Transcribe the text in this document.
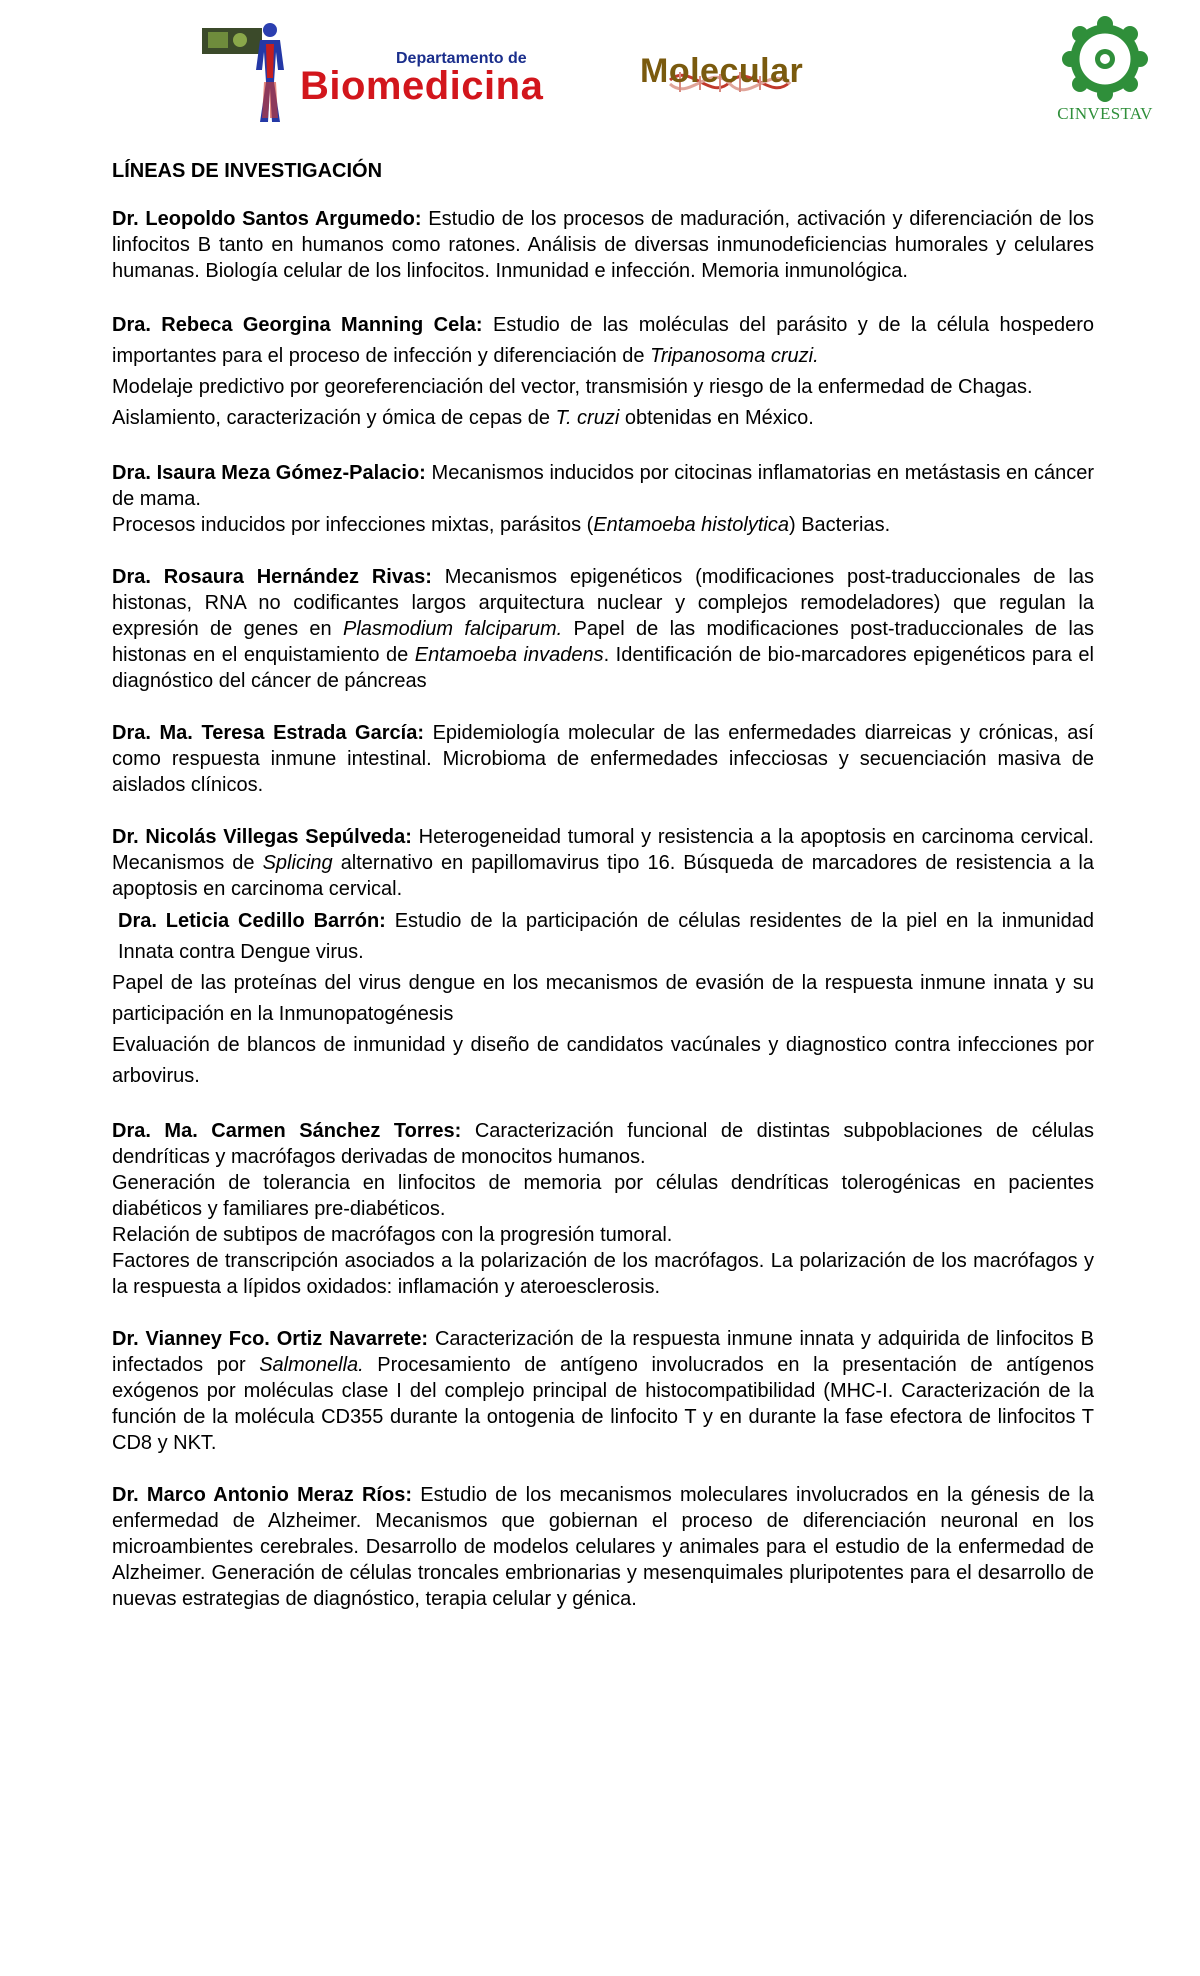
Departamento de
Biomedicina	Molecular
CINVESTAV
LÍNEAS DE INVESTIGACIÓN

Dr. Leopoldo Santos Argumedo: Estudio de los procesos de maduración, activación y diferenciación de los linfocitos B tanto en humanos como ratones. Análisis de diversas inmunodeficiencias humorales y celulares humanas. Biología celular de los linfocitos. Inmunidad e infección. Memoria inmunológica.

Dra. Rebeca Georgina Manning Cela: Estudio de las moléculas del parásito y de la célula hospedero importantes para el proceso de infección y diferenciación de Tripanosoma cruzi.

Modelaje predictivo por georeferenciación del vector, transmisión y riesgo de la enfermedad de Chagas.

Aislamiento, caracterización y ómica de cepas de T. cruzi obtenidas en México.

Dra. Isaura Meza Gómez-Palacio: Mecanismos inducidos por citocinas inflamatorias en metástasis en cáncer de mama.

Procesos inducidos por infecciones mixtas, parásitos (Entamoeba histolytica) Bacterias.

Dra. Rosaura Hernández Rivas: Mecanismos epigenéticos (modificaciones post-traduccionales de las histonas, RNA no codificantes largos arquitectura nuclear y complejos remodeladores) que regulan la expresión de genes en Plasmodium falciparum. Papel de las modificaciones post-traduccionales de las histonas en el enquistamiento de Entamoeba invadens. Identificación de bio-marcadores epigenéticos para el diagnóstico del cáncer de páncreas

Dra. Ma. Teresa Estrada García: Epidemiología molecular de las enfermedades diarreicas y crónicas, así como respuesta inmune intestinal. Microbioma de enfermedades infecciosas y secuenciación masiva de aislados clínicos.

Dr. Nicolás Villegas Sepúlveda: Heterogeneidad tumoral y resistencia a la apoptosis en carcinoma cervical. Mecanismos de Splicing alternativo en papillomavirus tipo 16. Búsqueda de marcadores de resistencia a la apoptosis en carcinoma cervical.

Dra. Leticia Cedillo Barrón: Estudio de la participación de células residentes de la piel en la inmunidad Innata contra Dengue virus.

Papel de las proteínas del virus dengue en los mecanismos de evasión de la respuesta inmune innata y su participación en la Inmunopatogénesis

Evaluación de blancos de inmunidad y diseño de candidatos vacúnales y diagnostico contra infecciones por arbovirus.

Dra. Ma. Carmen Sánchez Torres: Caracterización funcional de distintas subpoblaciones de células dendríticas y macrófagos derivadas de monocitos humanos.

Generación de tolerancia en linfocitos de memoria por células dendríticas tolerogénicas en pacientes diabéticos y familiares pre-diabéticos.

Relación de subtipos de macrófagos con la progresión tumoral.

Factores de transcripción asociados a la polarización de los macrófagos. La polarización de los macrófagos y la respuesta a lípidos oxidados: inflamación y ateroesclerosis.

Dr. Vianney Fco. Ortiz Navarrete: Caracterización de la respuesta inmune innata y adquirida de linfocitos B infectados por Salmonella. Procesamiento de antígeno involucrados en la presentación de antígenos exógenos por moléculas clase I del complejo principal de histocompatibilidad (MHC-I. Caracterización de la función de la molécula CD355 durante la ontogenia de linfocito T y en durante la fase efectora de linfocitos T CD8 y NKT.

Dr. Marco Antonio Meraz Ríos: Estudio de los mecanismos moleculares involucrados en la génesis de la enfermedad de Alzheimer. Mecanismos que gobiernan el proceso de diferenciación neuronal en los microambientes cerebrales. Desarrollo de modelos celulares y animales para el estudio de la enfermedad de Alzheimer. Generación de células troncales embrionarias y mesenquimales pluripotentes para el desarrollo de nuevas estrategias de diagnóstico, terapia celular y génica.
